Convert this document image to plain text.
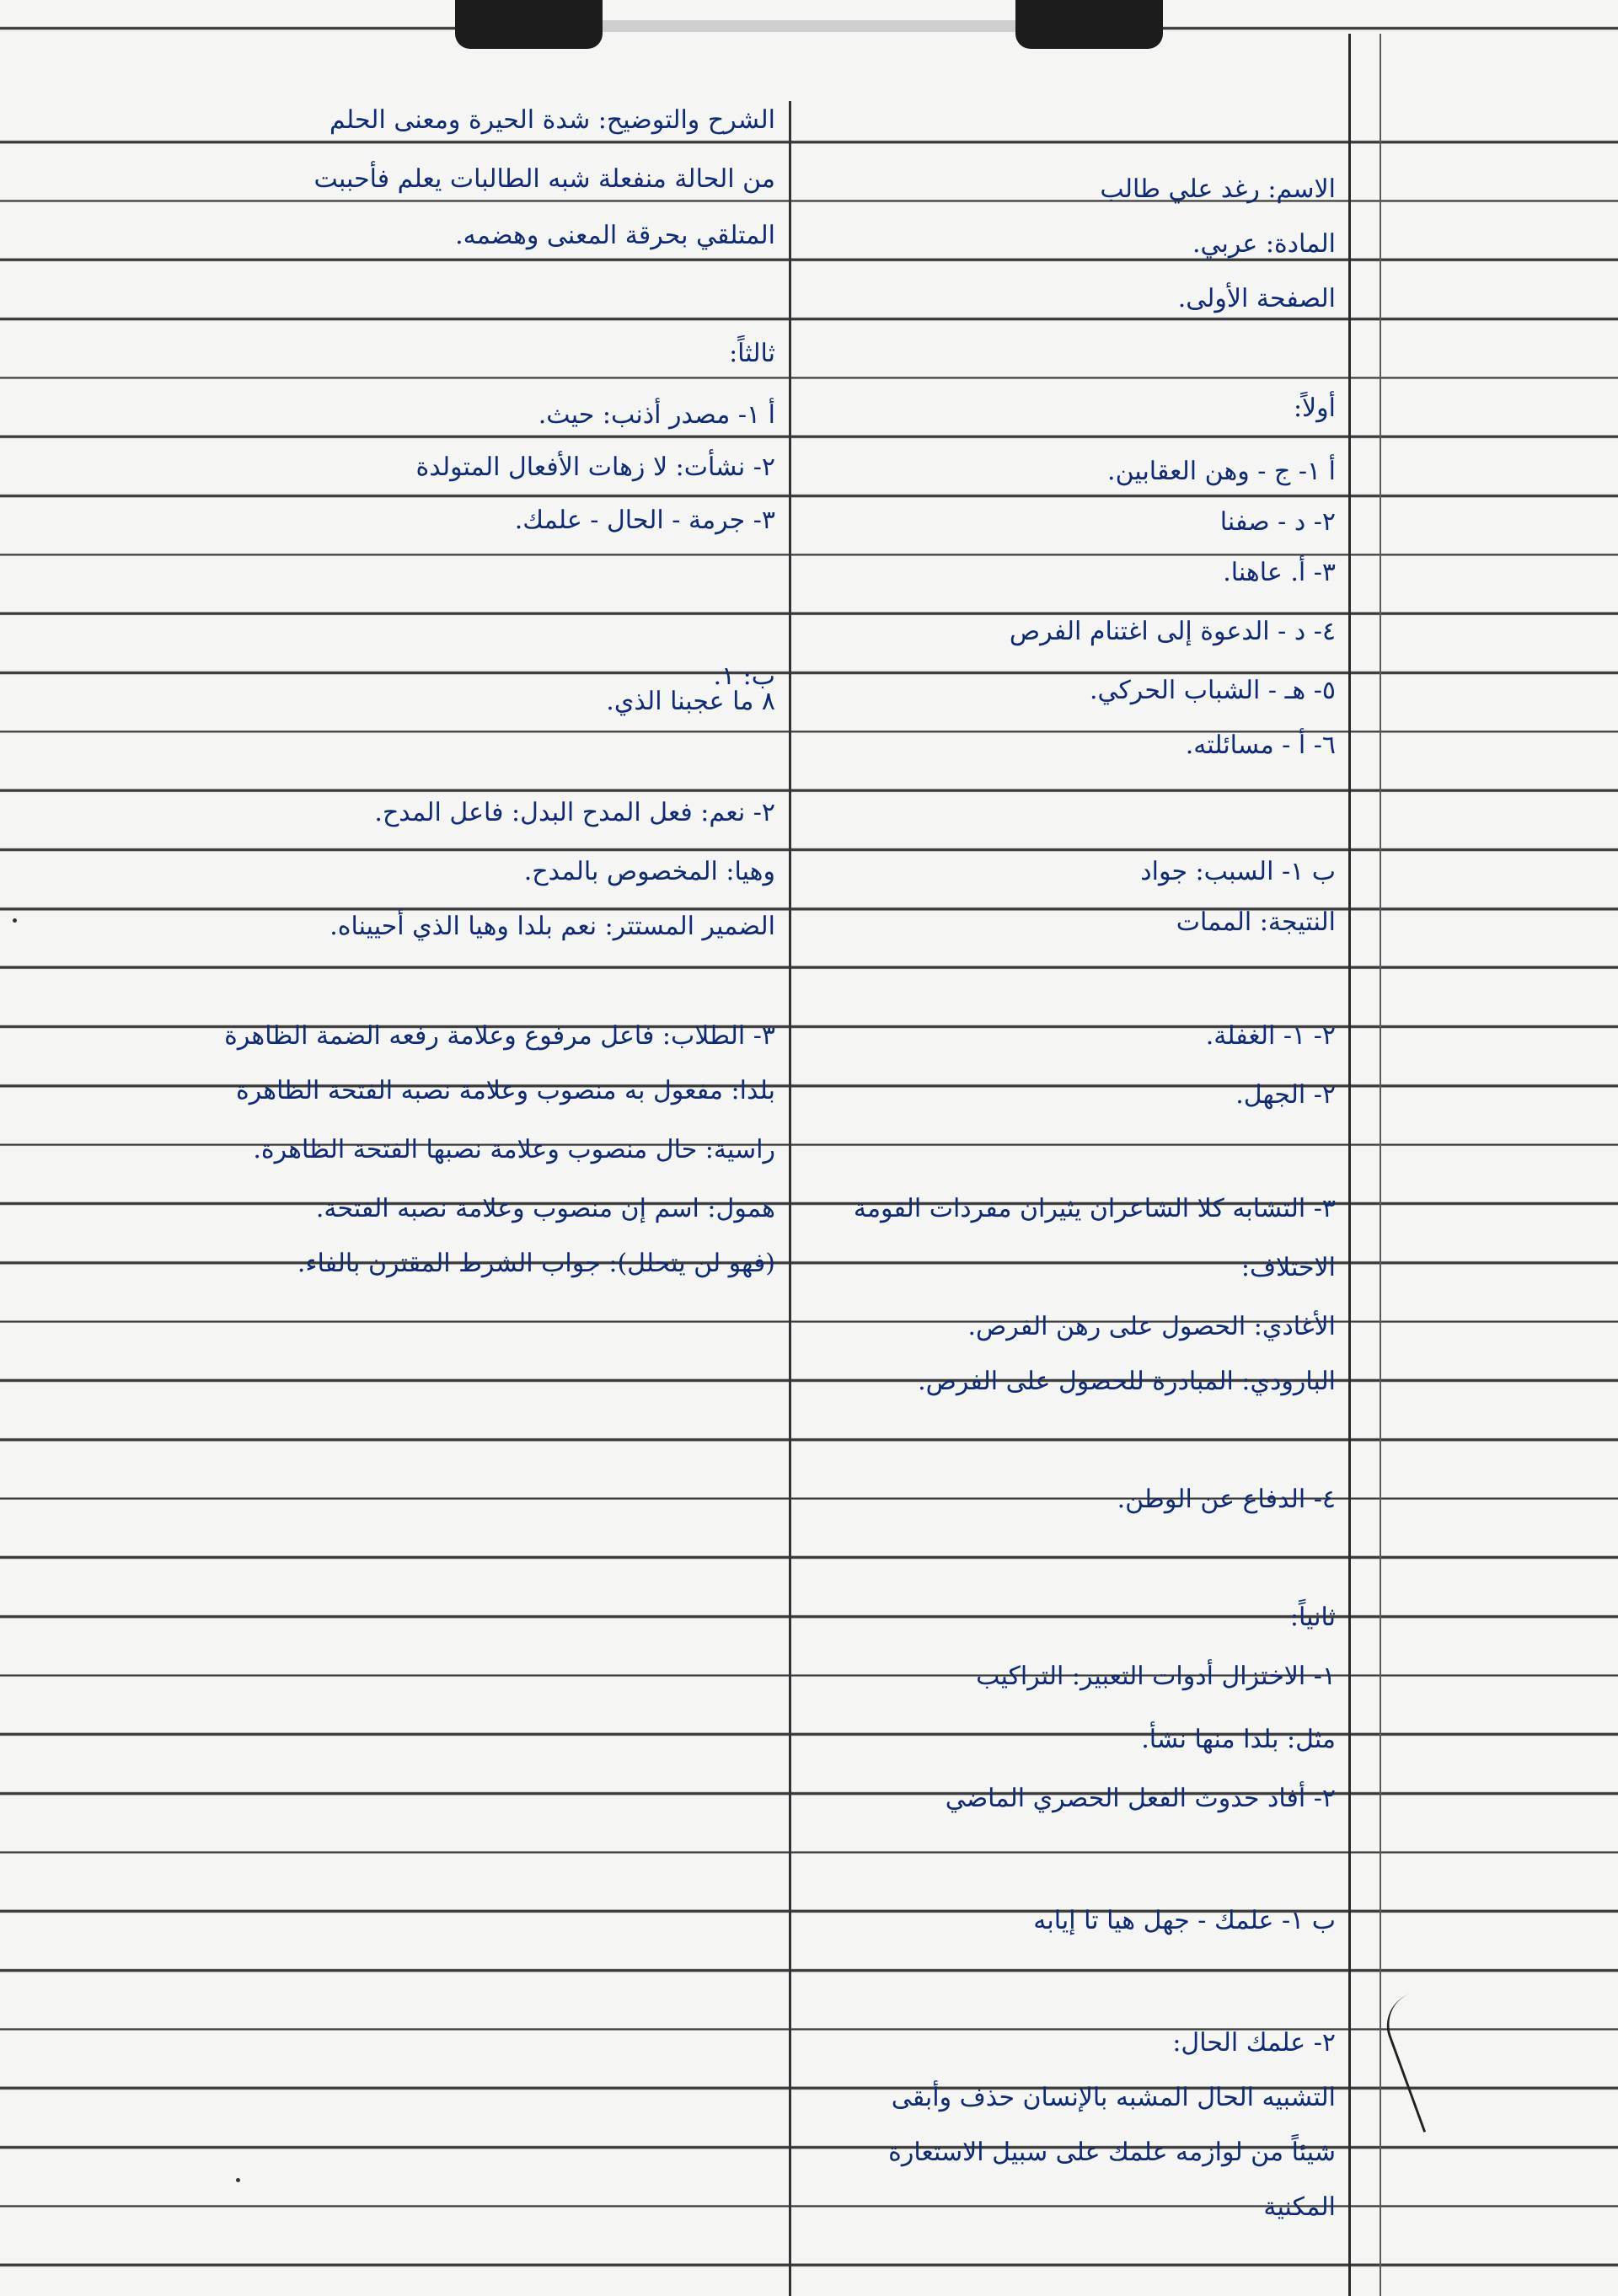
الشرح والتوضيح: شدة الحيرة ومعنى الحلم
من الحالة منفعلة شبه الطالبات يعلم فأحببت
المتلقي بحرقة المعنى وهضمه.
ثالثاً:
أ ١- مصدر أذنب: حيث.
٢- نشأت: لا زهات الأفعال المتولدة
٣- جرمة - الحال - علمك.
ب: ١.
٨ ما عجبنا الذي.
٢- نعم: فعل المدح البدل: فاعل المدح.
وهيا: المخصوص بالمدح.
الضمير المستتر: نعم بلدا وهيا الذي أحييناه.
٣- الطلاب: فاعل مرفوع وعلامة رفعه الضمة الظاهرة
بلدا: مفعول به منصوب وعلامة نصبه الفتحة الظاهرة
راسية: حال منصوب وعلامة نصبها الفتحة الظاهرة.
همول: اسم إن منصوب وعلامة نصبه الفتحة.
(فهو لن يتحلل): جواب الشرط المقترن بالفاء.
الاسم: رغد علي طالب
المادة: عربي.
الصفحة الأولى.
أولاً:
أ ١- ج - وهن العقابين.
٢- د - صفنا
٣- أ. عاهنا.
٤- د - الدعوة إلى اغتنام الفرص
٥- هـ - الشباب الحركي.
٦- أ - مسائلته.
ب ١- السبب: جواد
النتيجة: الممات
٢- ١- الغفلة.
٢- الجهل.
٣- التشابه كلا الشاعران يثيران مفردات القومة
الاختلاف:
الأغادي: الحصول على رهن الفرص.
البارودي: المبادرة للحصول على الفرص.
٤- الدفاع عن الوطن.
ثانياً:
١- الاختزال أدوات التعبير: التراكيب
مثل: بلدا منها نشأ.
٢- أفاد حدوث الفعل الحصري الماضي
ب ١- علمك - جهل هيا تا إيابه
٢- علمك الحال:
التشبيه الحال المشبه بالإنسان حذف وأبقى
شيئاً من لوازمه علمك على سبيل الاستعارة
المكنية
